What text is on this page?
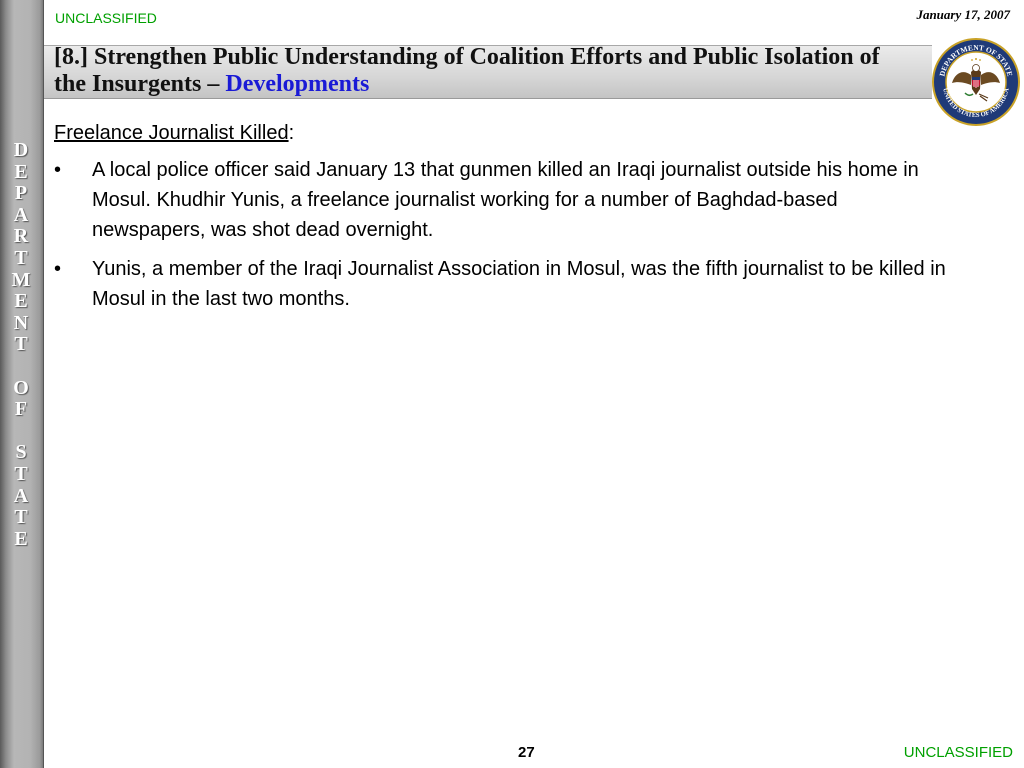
D
E
P
A
R
T
M
E
N
T
O
F
S
T
A
T
E
UNCLASSIFIED	January 17, 2007
[8.] Strengthen Public Understanding of Coalition Efforts and Public Isolation of the Insurgents – Developments	DEPARTMENT OF STATE
UNITED STATES OF AMERICA
Freelance Journalist Killed:
• A local police officer said January 13 that gunmen killed an Iraqi journalist outside his home in Mosul. Khudhir Yunis, a freelance journalist working for a number of Baghdad-based newspapers, was shot dead overnight.
• Yunis, a member of the Iraqi Journalist Association in Mosul, was the fifth journalist to be killed in Mosul in the last two months.
27	UNCLASSIFIED
